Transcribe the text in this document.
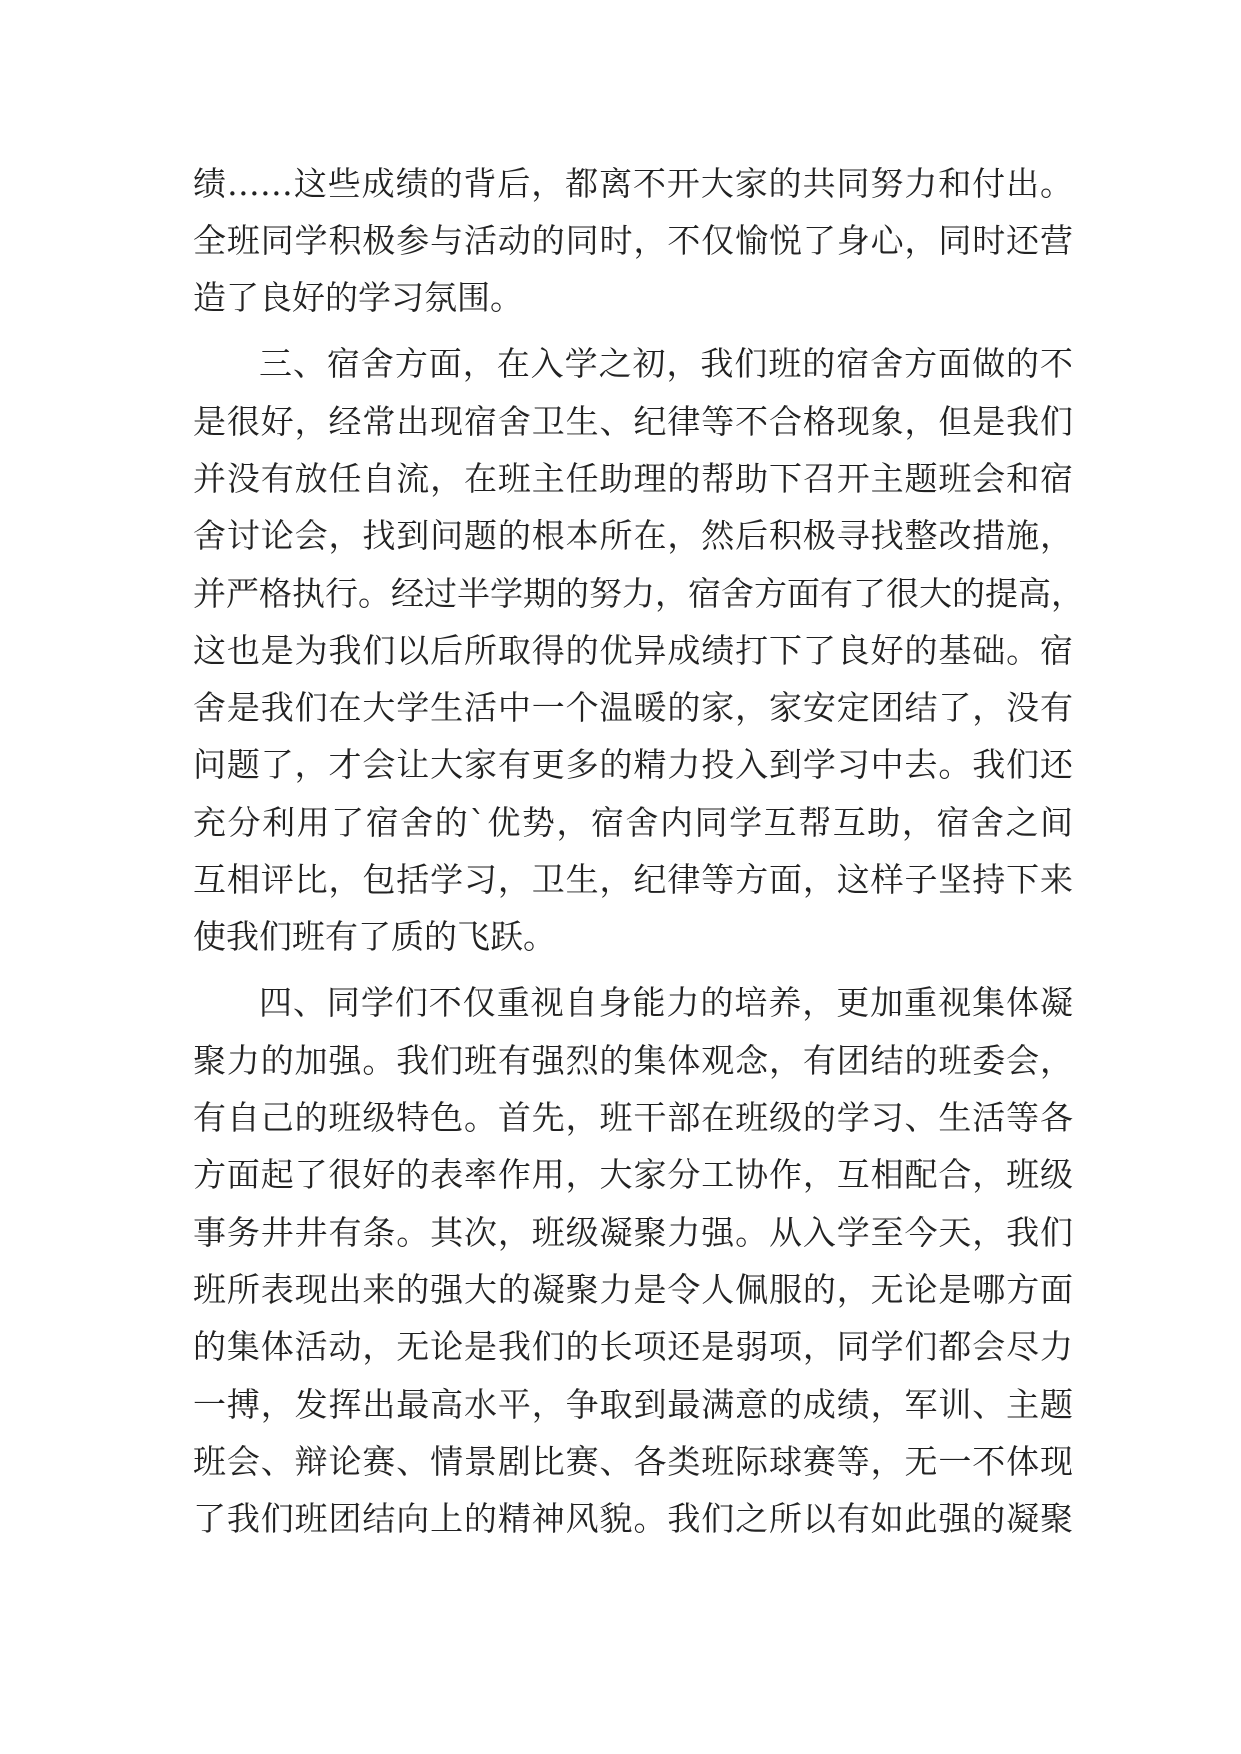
绩……这些成绩的背后，都离不开大家的共同努力和付出。
全班同学积极参与活动的同时，不仅愉悦了身心，同时还营
造了良好的学习氛围。
三、宿舍方面，在入学之初，我们班的宿舍方面做的不
是很好，经常出现宿舍卫生、纪律等不合格现象，但是我们
并没有放任自流，在班主任助理的帮助下召开主题班会和宿
舍讨论会，找到问题的根本所在，然后积极寻找整改措施，
并严格执行。经过半学期的努力，宿舍方面有了很大的提高，
这也是为我们以后所取得的优异成绩打下了良好的基础。宿
舍是我们在大学生活中一个温暖的家，家安定团结了，没有
问题了，才会让大家有更多的精力投入到学习中去。我们还
充分利用了宿舍的`优势，宿舍内同学互帮互助，宿舍之间
互相评比，包括学习，卫生，纪律等方面，这样子坚持下来
使我们班有了质的飞跃。
四、同学们不仅重视自身能力的培养，更加重视集体凝
聚力的加强。我们班有强烈的集体观念，有团结的班委会，
有自己的班级特色。首先，班干部在班级的学习、生活等各
方面起了很好的表率作用，大家分工协作，互相配合，班级
事务井井有条。其次，班级凝聚力强。从入学至今天，我们
班所表现出来的强大的凝聚力是令人佩服的，无论是哪方面
的集体活动，无论是我们的长项还是弱项，同学们都会尽力
一搏，发挥出最高水平，争取到最满意的成绩，军训、主题
班会、辩论赛、情景剧比赛、各类班际球赛等，无一不体现
了我们班团结向上的精神风貌。我们之所以有如此强的凝聚
